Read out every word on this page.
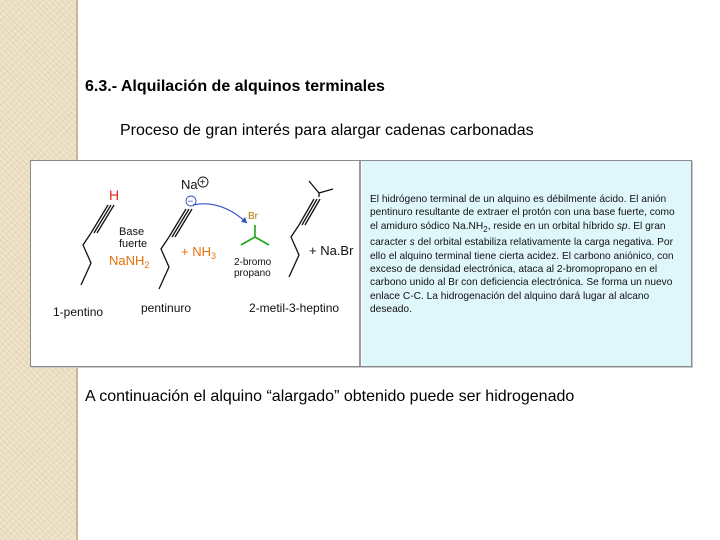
6.3.- Alquilación de alquinos terminales
Proceso de gran interés para alargar cadenas carbonadas
H
Base
fuerte
NaNH$_2$
Na +
−
+ $NH_3$
Br
2-bromo
propano
+ Na.Br
1-pentino	pentinuro	2-metil-3-heptino

El hidrógeno terminal de un alquino es débilmente ácido. El anión pentinuro resultante de extraer el protón con una base fuerte, como el amiduro sódico $Na.NH_2$, reside en un orbital híbrido sp. El gran caracter s del orbital estabiliza relativamente la carga negativa. Por ello el alquino terminal tiene cierta acidez. El carbono aniónico, con exceso de densidad electrónica, ataca al 2-bromopropano en el carbono unido al Br con deficiencia electrónica. Se forma un nuevo enlace C-C. La hidrogenación del alquino dará lugar al alcano deseado.

A continuación el alquino “alargado” obtenido puede ser hidrogenado
